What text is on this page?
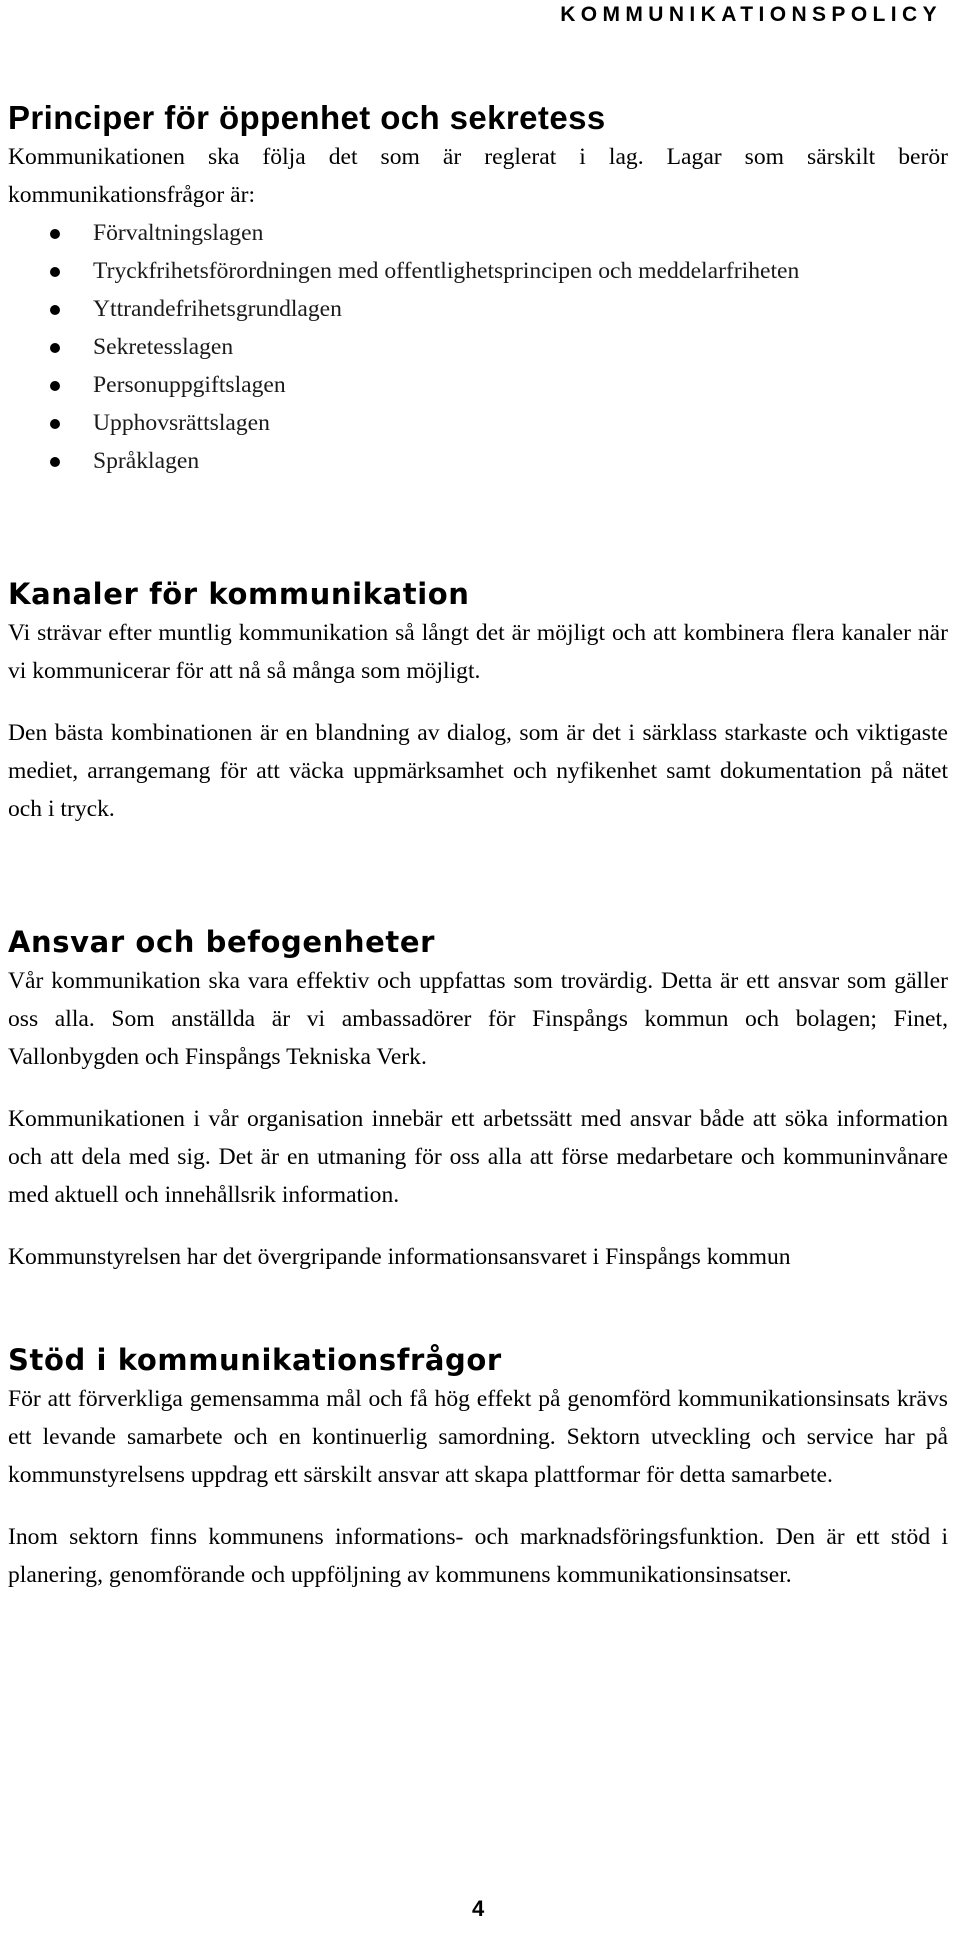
KOMMUNIKATIONSPOLICY
Principer för öppenhet och sekretess

Kommunikationen ska följa det som är reglerat i lag. Lagar som särskilt berör kommunikationsfrågor är:

Förvaltningslagen
Tryckfrihetsförordningen med offentlighetsprincipen och meddelarfriheten
Yttrandefrihetsgrundlagen
Sekretesslagen
Personuppgiftslagen
Upphovsrättslagen
Språklagen
Kanaler för kommunikation

Vi strävar efter muntlig kommunikation så långt det är möjligt och att kombinera flera kanaler när vi kommunicerar för att nå så många som möjligt.

Den bästa kombinationen är en blandning av dialog, som är det i särklass starkaste och viktigaste mediet, arrangemang för att väcka uppmärksamhet och nyfikenhet samt dokumentation på nätet och i tryck.

Ansvar och befogenheter

Vår kommunikation ska vara effektiv och uppfattas som trovärdig. Detta är ett ansvar som gäller oss alla. Som anställda är vi ambassadörer för Finspångs kommun och bolagen; Finet, Vallonbygden och Finspångs Tekniska Verk.

Kommunikationen i vår organisation innebär ett arbetssätt med ansvar både att söka information och att dela med sig. Det är en utmaning för oss alla att förse medarbetare och kommuninvånare med aktuell och innehållsrik information.

Kommunstyrelsen har det övergripande informationsansvaret i Finspångs kommun

Stöd i kommunikationsfrågor

För att förverkliga gemensamma mål och få hög effekt på genomförd kommunikationsinsats krävs ett levande samarbete och en kontinuerlig samordning. Sektorn utveckling och service har på kommunstyrelsens uppdrag ett särskilt ansvar att skapa plattformar för detta samarbete.

Inom sektorn finns kommunens informations- och marknadsföringsfunktion. Den är ett stöd i planering, genomförande och uppföljning av kommunens kommunikationsinsatser.

4
